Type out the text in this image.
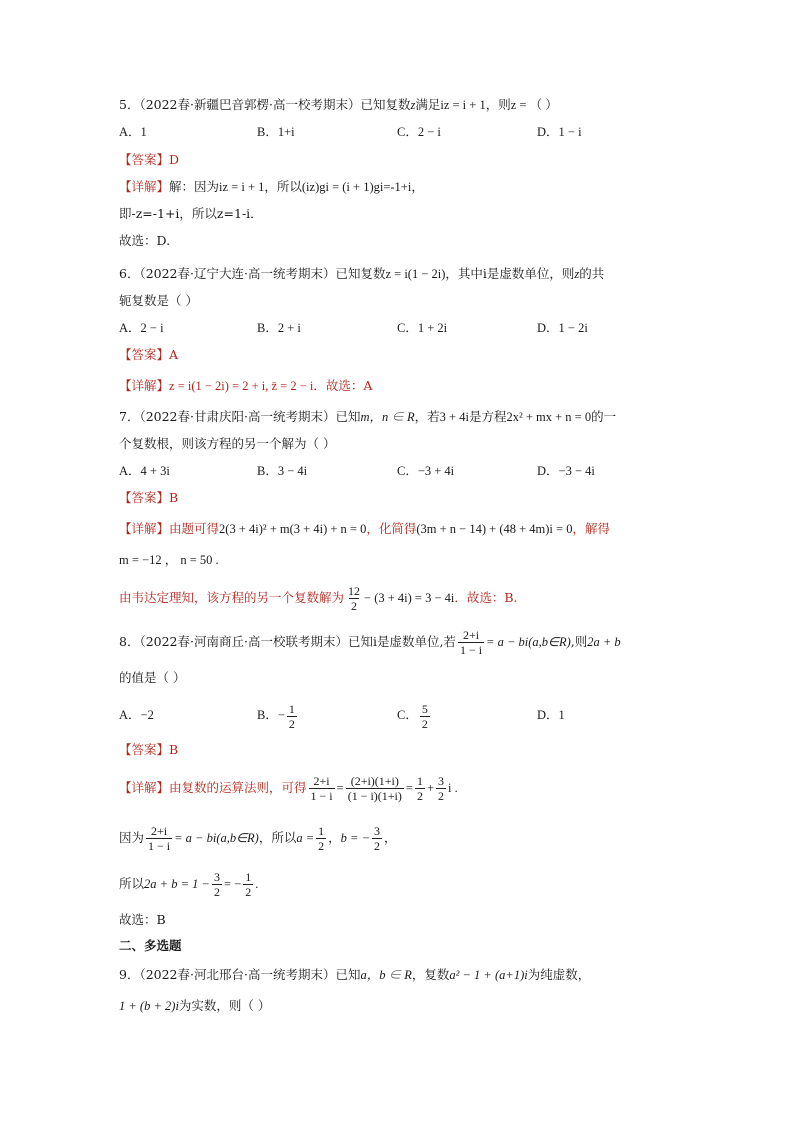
5．（2022春·新疆巴音郭楞·高一校考期末）已知复数z满足iz = i + 1，则z = （ ）
A．1	B．1+i	C．2 − i	D．1 − i
【答案】D
【详解】解：因为iz = i + 1，所以(iz)gi = (i + 1)gi=-1+i，
即-z=-1+i，所以z=1-i．
故选：D.
6．（2022春·辽宁大连·高一统考期末）已知复数z = i(1 − 2i)，其中i是虚数单位，则z的共
轭复数是（ ）
A．2 − i	B．2 + i	C．1 + 2i	D．1 − 2i
【答案】A
【详解】z = i(1 − 2i) = 2 + i, z̄ = 2 − i．故选：A
7．（2022春·甘肃庆阳·高一统考期末）已知m，n ∈ R，若3 + 4i是方程2x² + mx + n = 0的一
个复数根，则该方程的另一个解为（ ）
A．4 + 3i	B．3 − 4i	C．−3 + 4i	D．−3 − 4i
【答案】B
【详解】由题可得2(3 + 4i)² + m(3 + 4i) + n = 0，化简得(3m + n − 14) + (48 + 4m)i = 0，解得
m = −12 ， n = 50 .
由韦达定理知，该方程的另一个复数解为 $\frac{12}{2} - (3 + 4i) = 3 - 4i$．故选：B.
8．（2022春·河南商丘·高一校联考期末）已知i是虚数单位,若 $\frac{2+i}{1 - i} = a$ − bi(a,b∈R),则2a + b
的值是（ ）
A．−2	B．− $\frac{1}{2}$	C． $\frac{5}{2}$	D．1
【答案】B
【详解】由复数的运算法则，可得 $\frac{2+i}{1 - i} = \frac{(2+i)(1+i)}{(1 - i)(1+i)} = \frac{1}{2} + \frac{3}{2}$ i .
因为 $\frac{2+i}{1 - i} = a$ − bi(a,b∈R)，所以$a = \frac{1}{2}$ ，b = − $\frac{3}{2}$ ，
所以$2a + b = 1 - \frac{3}{2}$ = − $\frac{1}{2}$ .
故选：B
二、多选题
9．（2022春·河北邢台·高一统考期末）已知a，b ∈ R，复数a² − 1 + (a+1)i为纯虚数，
1 + (b + 2)i为实数，则（ ）
